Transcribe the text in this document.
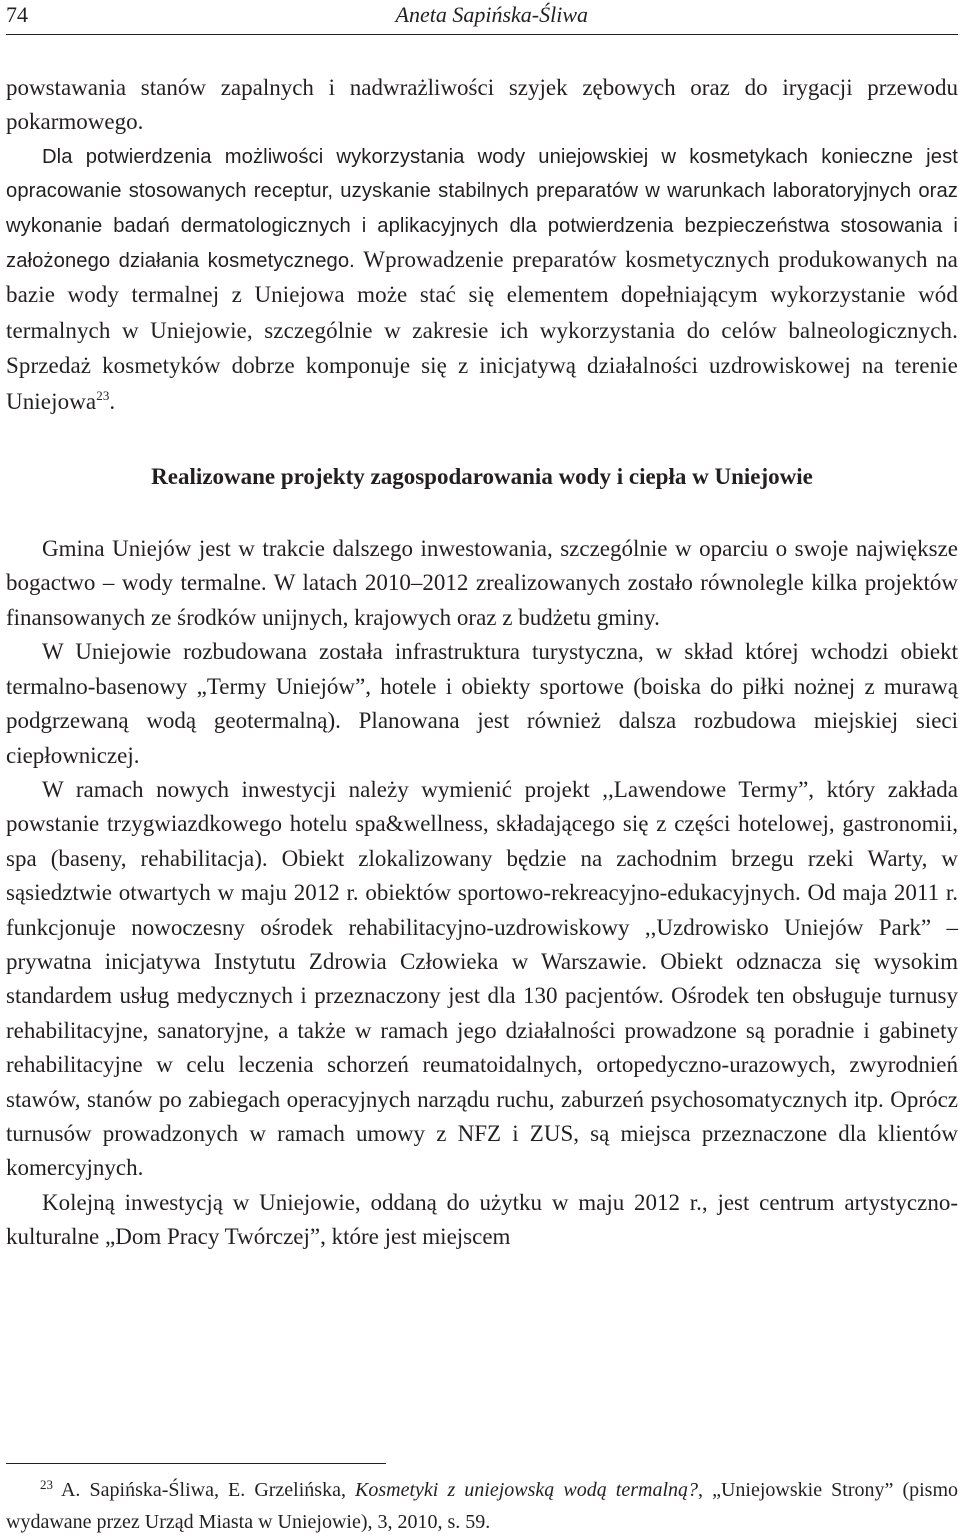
74	Aneta Sapińska-Śliwa

powstawania stanów zapalnych i nadwrażliwości szyjek zębowych oraz do irygacji przewodu pokarmowego.

Dla potwierdzenia możliwości wykorzystania wody uniejowskiej w kosmetykach konieczne jest opracowanie stosowanych receptur, uzyskanie stabilnych preparatów w warunkach laboratoryjnych oraz wykonanie badań dermatologicznych i aplikacyjnych dla potwierdzenia bezpieczeństwa stosowania i założonego działania kosmetycznego. Wprowadzenie preparatów kosmetycznych produkowanych na bazie wody termalnej z Uniejowa może stać się elementem dopełniającym wykorzystanie wód termalnych w Uniejowie, szczególnie w zakresie ich wykorzystania do celów balneologicznych. Sprzedaż kosmetyków dobrze komponuje się z inicjatywą działalności uzdrowiskowej na terenie Uniejowa$^{23}$.

Realizowane projekty zagospodarowania wody i ciepła w Uniejowie

Gmina Uniejów jest w trakcie dalszego inwestowania, szczególnie w oparciu o swoje największe bogactwo – wody termalne. W latach 2010–2012 zrealizowanych zostało równolegle kilka projektów finansowanych ze środków unijnych, krajowych oraz z budżetu gminy.

W Uniejowie rozbudowana została infrastruktura turystyczna, w skład której wchodzi obiekt termalno-basenowy „Termy Uniejów”, hotele i obiekty sportowe (boiska do piłki nożnej z murawą podgrzewaną wodą geotermalną). Planowana jest również dalsza rozbudowa miejskiej sieci ciepłowniczej.

W ramach nowych inwestycji należy wymienić projekt ,,Lawendowe Termy”, który zakłada powstanie trzygwiazdkowego hotelu spa&wellness, składającego się z części hotelowej, gastronomii, spa (baseny, rehabilitacja). Obiekt zlokalizowany będzie na zachodnim brzegu rzeki Warty, w sąsiedztwie otwartych w maju 2012 r. obiektów sportowo-rekreacyjno-edukacyjnych. Od maja 2011 r. funkcjonuje nowoczesny ośrodek rehabilitacyjno-uzdrowiskowy ,,Uzdrowisko Uniejów Park” – prywatna inicjatywa Instytutu Zdrowia Człowieka w Warszawie. Obiekt odznacza się wysokim standardem usług medycznych i przeznaczony jest dla 130 pacjentów. Ośrodek ten obsługuje turnusy rehabilitacyjne, sanatoryjne, a także w ramach jego działalności prowadzone są poradnie i gabinety rehabilitacyjne w celu leczenia schorzeń reumatoidalnych, ortopedyczno-urazowych, zwyrodnień stawów, stanów po zabiegach operacyjnych narządu ruchu, zaburzeń psychosomatycznych itp. Oprócz turnusów prowadzonych w ramach umowy z NFZ i ZUS, są miejsca przeznaczone dla klientów komercyjnych.

Kolejną inwestycją w Uniejowie, oddaną do użytku w maju 2012 r., jest centrum artystyczno-kulturalne „Dom Pracy Twórczej”, które jest miejscem

$^{23}$ A. Sapińska-Śliwa, E. Grzelińska, Kosmetyki z uniejowską wodą termalną?, „Uniejowskie Strony” (pismo wydawane przez Urząd Miasta w Uniejowie), 3, 2010, s. 59.
